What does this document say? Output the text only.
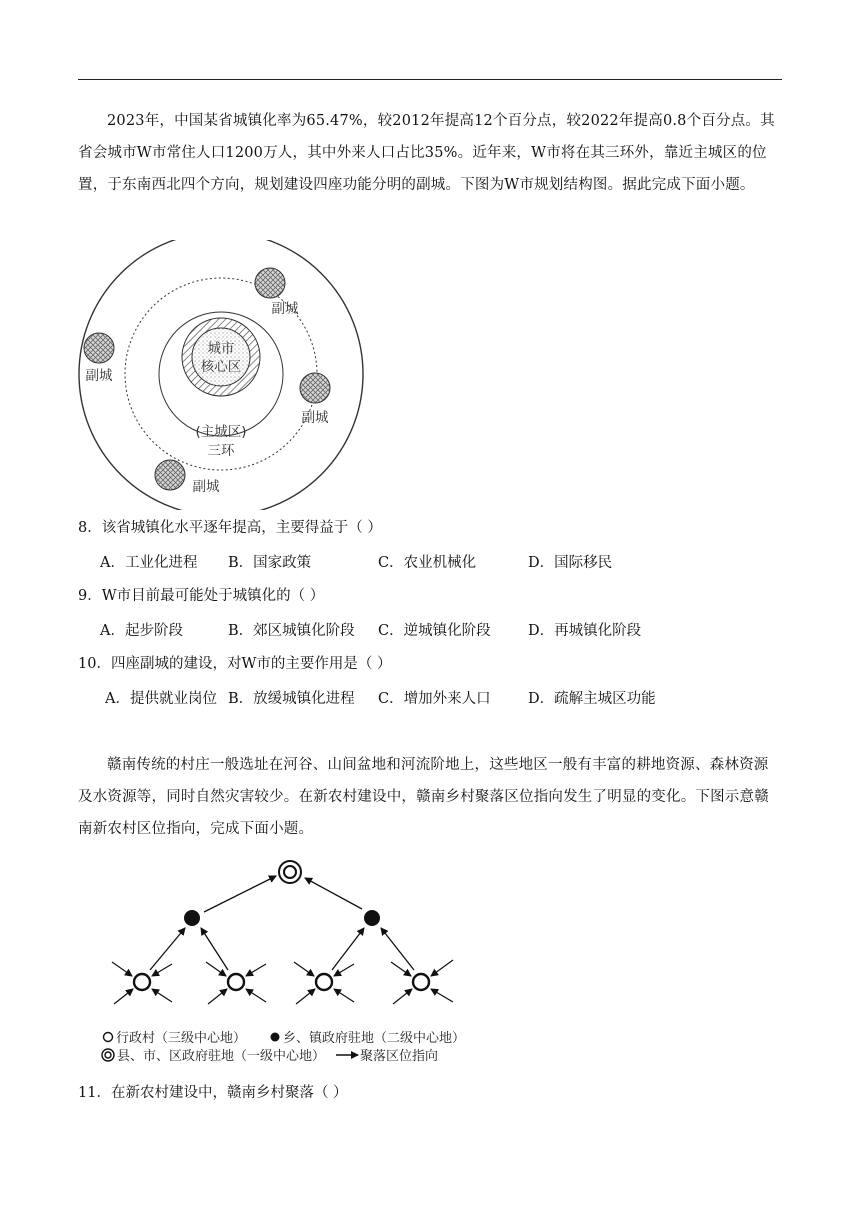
2023年，中国某省城镇化率为65.47%，较2012年提高12个百分点，较2022年提高0.8个百分点。其省会城市W市常住人口1200万人，其中外来人口占比35%。近年来，W市将在其三环外，靠近主城区的位置，于东南西北四个方向，规划建设四座功能分明的副城。下图为W市规划结构图。据此完成下面小题。

城市
核心区
(主城区)
三环
副城
副城
副城
副城

8．该省城镇化水平逐年提高，主要得益于（ ）

A．工业化进程 B．国家政策	C．农业机械化	D．国际移民

9．W市目前最可能处于城镇化的（ ）

A．起步阶段	B．郊区城镇化阶段 C．逆城镇化阶段	D．再城镇化阶段

10．四座副城的建设，对W市的主要作用是（ ）

A．提供就业岗位 B．放缓城镇化进程 C．增加外来人口	D．疏解主城区功能

赣南传统的村庄一般选址在河谷、山间盆地和河流阶地上，这些地区一般有丰富的耕地资源、森林资源及水资源等，同时自然灾害较少。在新农村建设中，赣南乡村聚落区位指向发生了明显的变化。下图示意赣南新农村区位指向，完成下面小题。

行政村（三级中心地）	乡、镇政府驻地（二级中心地）
县、市、区政府驻地（一级中心地）	聚落区位指向

11．在新农村建设中，赣南乡村聚落（ ）
